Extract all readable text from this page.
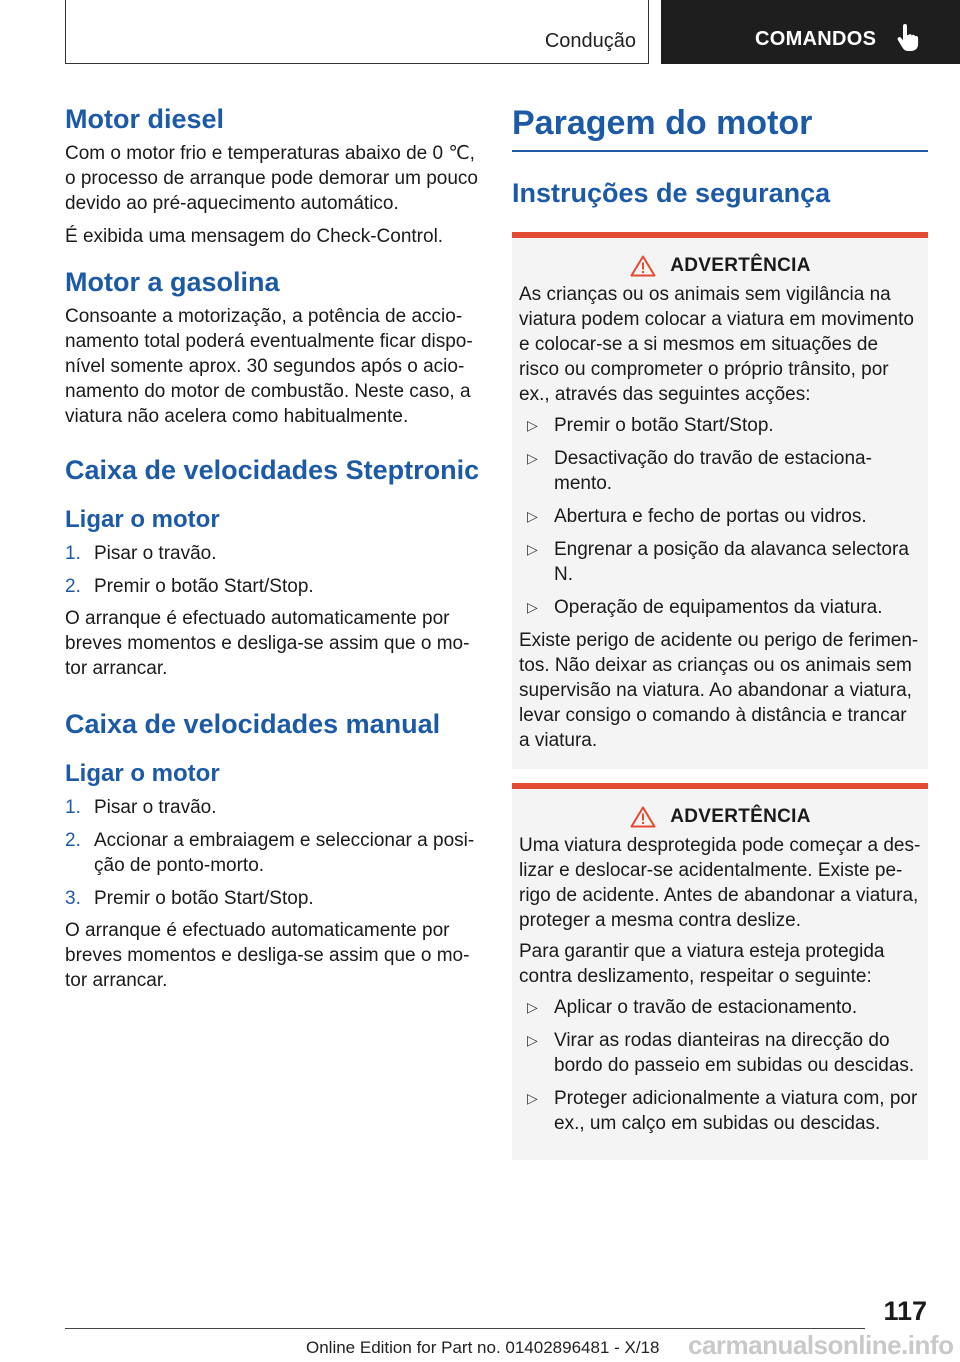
Condução	COMANDOS
Motor diesel

Com o motor frio e temperaturas abaixo de 0 ℃, o processo de arranque pode demorar um pouco devido ao pré-aquecimento automático.

É exibida uma mensagem do Check-Control.

Motor a gasolina

Consoante a motorização, a potência de accionamento total poderá eventualmente ficar disponível somente aprox. 30 segundos após o acionamento do motor de combustão. Neste caso, a viatura não acelera como habitualmente.

Caixa de velocidades Steptronic
Ligar o motor
1. Pisar o travão.
2. Premir o botão Start/Stop.

O arranque é efectuado automaticamente por breves momentos e desliga-se assim que o motor arrancar.

Caixa de velocidades manual
Ligar o motor
1. Pisar o travão.
2. Accionar a embraiagem e seleccionar a posição de ponto-morto.
3. Premir o botão Start/Stop.

O arranque é efectuado automaticamente por breves momentos e desliga-se assim que o motor arrancar.

Paragem do motor
Instruções de segurança
ADVERTÊNCIA

As crianças ou os animais sem vigilância na viatura podem colocar a viatura em movimento e colocar-se a si mesmos em situações de risco ou comprometer o próprio trânsito, por ex., através das seguintes acções:

▷ Premir o botão Start/Stop.
▷ Desactivação do travão de estacionamento.
▷ Abertura e fecho de portas ou vidros.
▷ Engrenar a posição da alavanca selectora N.
▷ Operação de equipamentos da viatura.

Existe perigo de acidente ou perigo de ferimentos. Não deixar as crianças ou os animais sem supervisão na viatura. Ao abandonar a viatura, levar consigo o comando à distância e trancar a viatura.

ADVERTÊNCIA

Uma viatura desprotegida pode começar a deslizar e deslocar-se acidentalmente. Existe perigo de acidente. Antes de abandonar a viatura, proteger a mesma contra deslize.

Para garantir que a viatura esteja protegida contra deslizamento, respeitar o seguinte:

▷ Aplicar o travão de estacionamento.
▷ Virar as rodas dianteiras na direcção do bordo do passeio em subidas ou descidas.
▷ Proteger adicionalmente a viatura com, por ex., um calço em subidas ou descidas.
117
carmanualsonline.info
Online Edition for Part no. 01402896481 - X/18
